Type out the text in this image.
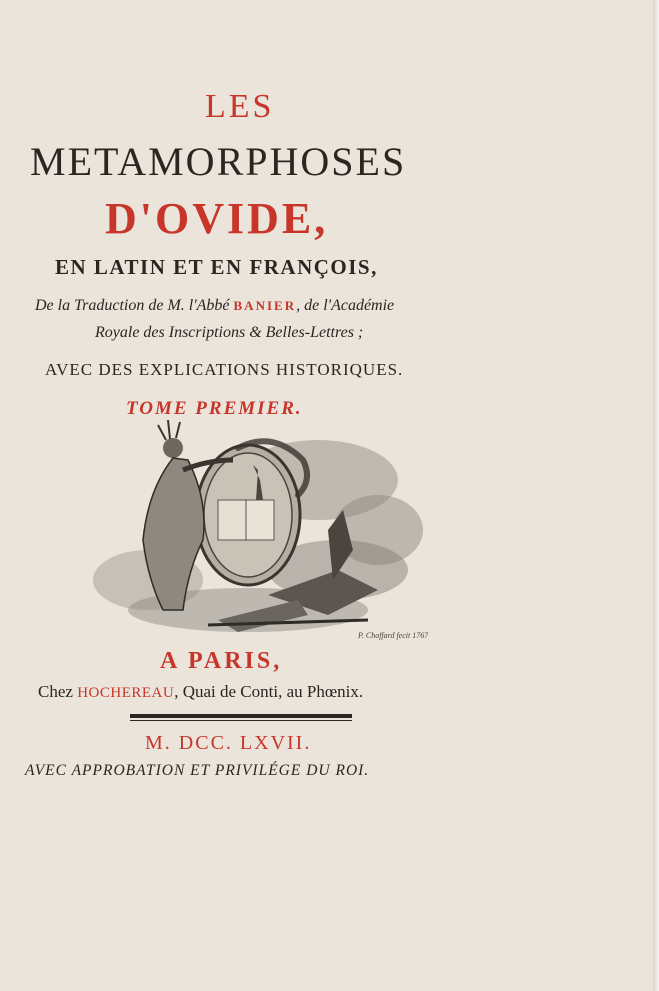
LES
METAMORPHOSES
D'OVIDE,
EN LATIN ET EN FRANÇOIS,
De la Traduction de M. l'Abbé BANIER, de l'Académie
Royale des Inscriptions & Belles-Lettres ;
AVEC DES EXPLICATIONS HISTORIQUES.
TOME PREMIER.
P. Choffard fecit 1767
A PARIS,
Chez HOCHEREAU, Quai de Conti, au Phœnix.
M. DCC. LXVII.
AVEC APPROBATION ET PRIVILÉGE DU ROI.
